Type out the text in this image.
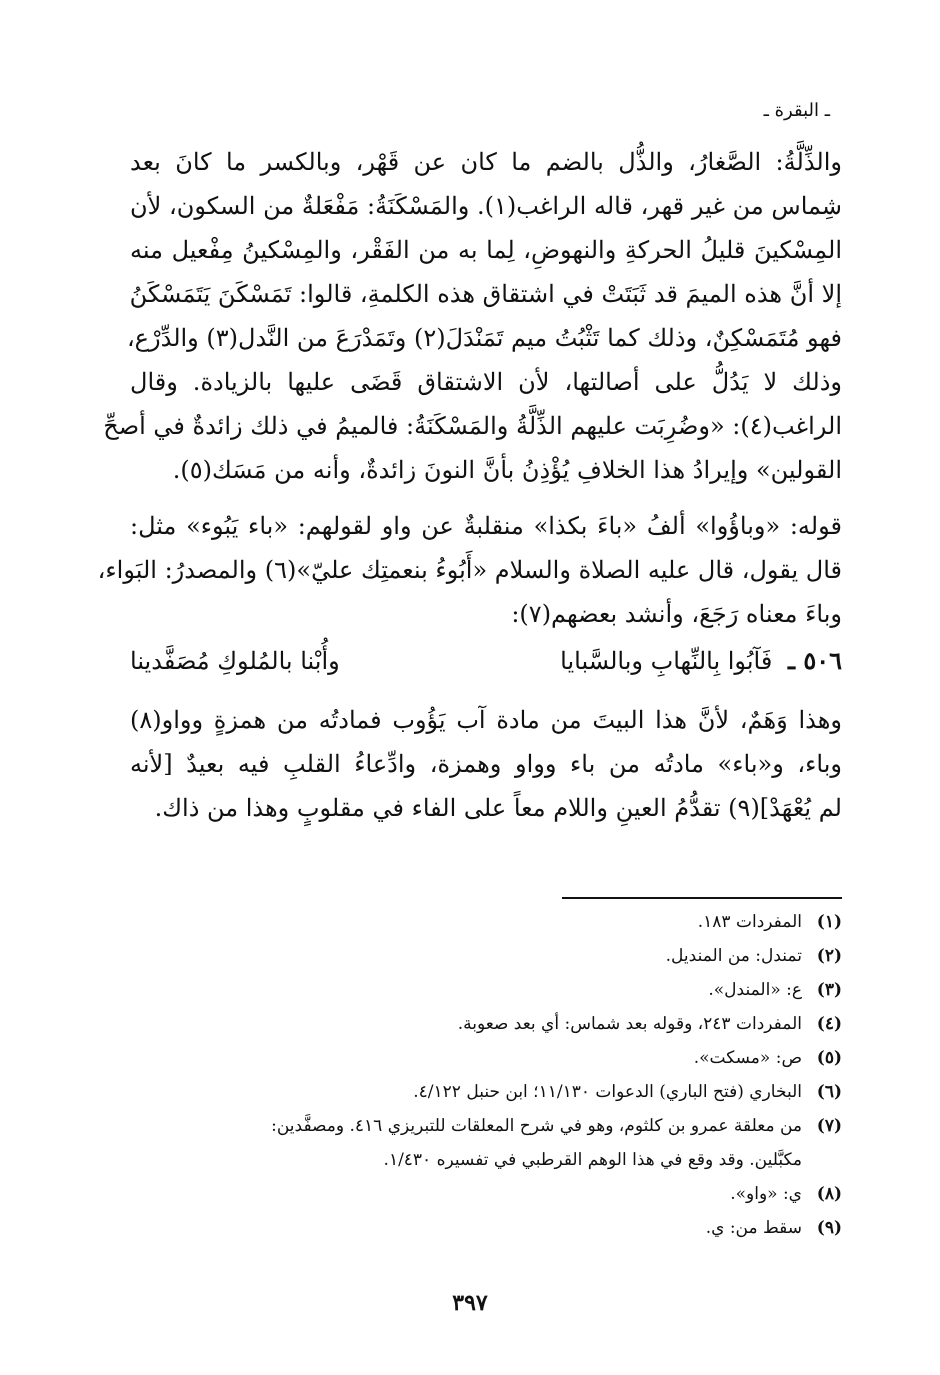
ـ البقرة ـ
والذِّلَّةُ: الصَّغارُ، والذُّل بالضم ما كان عن قَهْر، وبالكسر ما كانَ بعد
شِماس من غير قهر، قاله الراغب(١). والمَسْكَنَةُ: مَفْعَلةٌ من السكون، لأن
المِسْكينَ قليلُ الحركةِ والنهوضِ، لِما به من الفَقْر، والمِسْكينُ مِفْعيل منه
إلا أنَّ هذه الميمَ قد ثَبَتَتْ في اشتقاق هذه الكلمةِ، قالوا: تَمَسْكَنَ يَتَمَسْكَنُ
فهو مُتَمَسْكِنٌ، وذلك كما تَثْبُتُ ميم تَمَنْدَلَ(٢) وتَمَدْرَعَ من النَّدل(٣) والدِّرْع،
وذلك لا يَدُلُّ على أصالتها، لأن الاشتقاق قَضَى عليها بالزيادة. وقال
الراغب(٤): «وضُرِبَت عليهم الذِّلَّةُ والمَسْكَنَةُ: فالميمُ في ذلك زائدةٌ في أصحِّ
القولين» وإيرادُ هذا الخلافِ يُؤْذِنُ بأنَّ النونَ زائدةٌ، وأنه من مَسَك(٥).
قوله: «وباؤُوا» ألفُ «باءَ بكذا» منقلبةٌ عن واو لقولهم: «باء يَبُوء» مثل:
قال يقول، قال عليه الصلاة والسلام «أَبُوءُ بنعمتِك عليّ»(٦) والمصدرُ: البَواء،
وباءَ معناه رَجَعَ، وأنشد بعضهم(٧):
٥٠٦ ـ فَآبُوا بِالنِّهابِ وبالسَّبايا
وأُبْنا بالمُلوكِ مُصَفَّدينا
وهذا وَهَمٌ، لأنَّ هذا البيتَ من مادة آب يَؤُوب فمادتُه من همزةٍ وواو(٨)
وباء، و«باء» مادتُه من باء وواو وهمزة، وادِّعاءُ القلبِ فيه بعيدٌ [لأنه
لم يُعْهَدْ](٩) تقدُّمُ العينِ واللام معاً على الفاء في مقلوبٍ وهذا من ذاك.
(١)
المفردات ١٨٣.
(٢)
تمندل: من المنديل.
(٣)
ع: «المندل».
(٤)
المفردات ٢٤٣، وقوله بعد شماس: أي بعد صعوبة.
(٥)
ص: «مسكت».
(٦)
البخاري (فتح الباري) الدعوات ١١/١٣٠؛ ابن حنبل ٤/١٢٢.
(٧)
من معلقة عمرو بن كلثوم، وهو في شرح المعلقات للتبريزي ٤١٦. ومصفَّدين:
مكبَّلين. وقد وقع في هذا الوهم القرطبي في تفسيره ١/٤٣٠.
(٨)
ي: «واو».
(٩)
سقط من: ي.
٣٩٧
